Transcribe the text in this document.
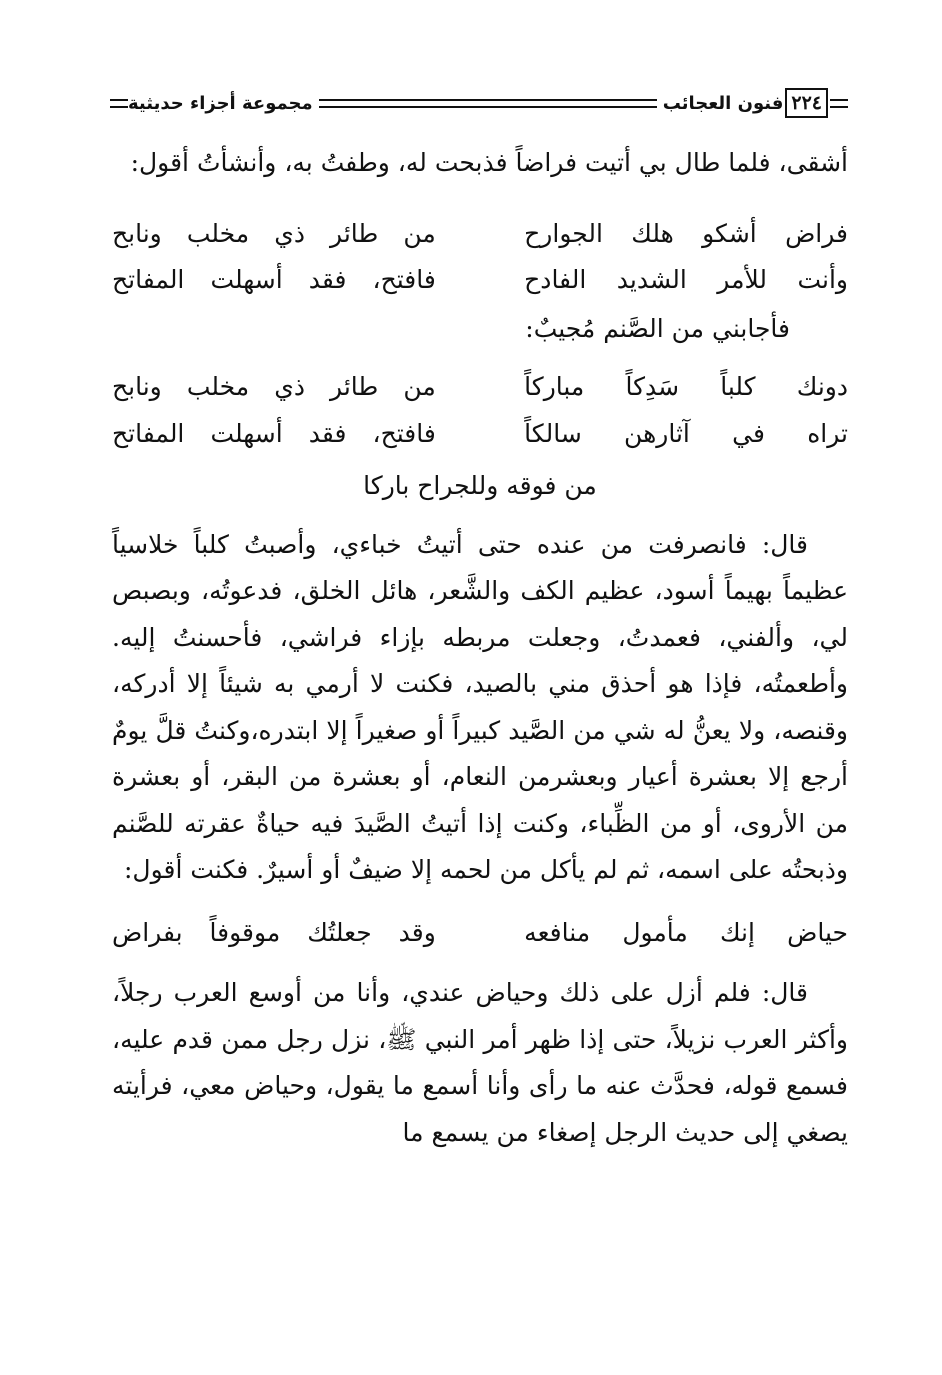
٢٢٤
فنون العجائب
مجموعة أجزاء حديثية

أشقى، فلما طال بي أتيت فراضاً فذبحت له، وطفتُ به، وأنشأتُ أقول:

فراض أشكو هلك الجوارح
من طائر ذي مخلب ونابح
وأنت للأمر الشديد الفادح
فافتح، فقد أسهلت المفاتح
فأجابني من الصَّنم مُجيبٌ:
دونك كلباً سَدِكاً مباركاً
من طائر ذي مخلب ونابح
تراه في آثارهن سالكاً
فافتح، فقد أسهلت المفاتح
من فوقه وللجراح باركا

قال: فانصرفت من عنده حتى أتيتُ خباءي، وأصبتُ كلباً خلاسياً عظيماً بهيماً أسود، عظيم الكف والشَّعر، هائل الخلق، فدعوتُه، وبصبص لي، وألفني، فعمدتُ، وجعلت مربطه بإزاء فراشي، فأحسنتُ إليه. وأطعمتُه، فإذا هو أحذق مني بالصيد، فكنت لا أرمي به شيئاً إلا أدركه، وقنصه، ولا يعنُّ له شي من الصَّيد كبيراً أو صغيراً إلا ابتدره،وكنتُ قلَّ يومٌ أرجع إلا بعشرة أعيار وبعشرمن النعام، أو بعشرة من البقر، أو بعشرة من الأروى، أو من الظِّباء، وكنت إذا أتيتُ الصَّيدَ فيه حياةٌ عقرته للصَّنم وذبحتُه على اسمه، ثم لم يأكل من لحمه إلا ضيفٌ أو أسيرٌ. فكنت أقول:

حياض إنك مأمول منافعه
وقد جعلتُك موقوفاً بفراض

قال: فلم أزل على ذلك وحياض عندي، وأنا من أوسع العرب رجلاً، وأكثر العرب نزيلاً، حتى إذا ظهر أمر النبي ﷺ، نزل رجل ممن قدم عليه، فسمع قوله، فحدَّث عنه ما رأى وأنا أسمع ما يقول، وحياض معي، فرأيته يصغي إلى حديث الرجل إصغاء من يسمع ما
